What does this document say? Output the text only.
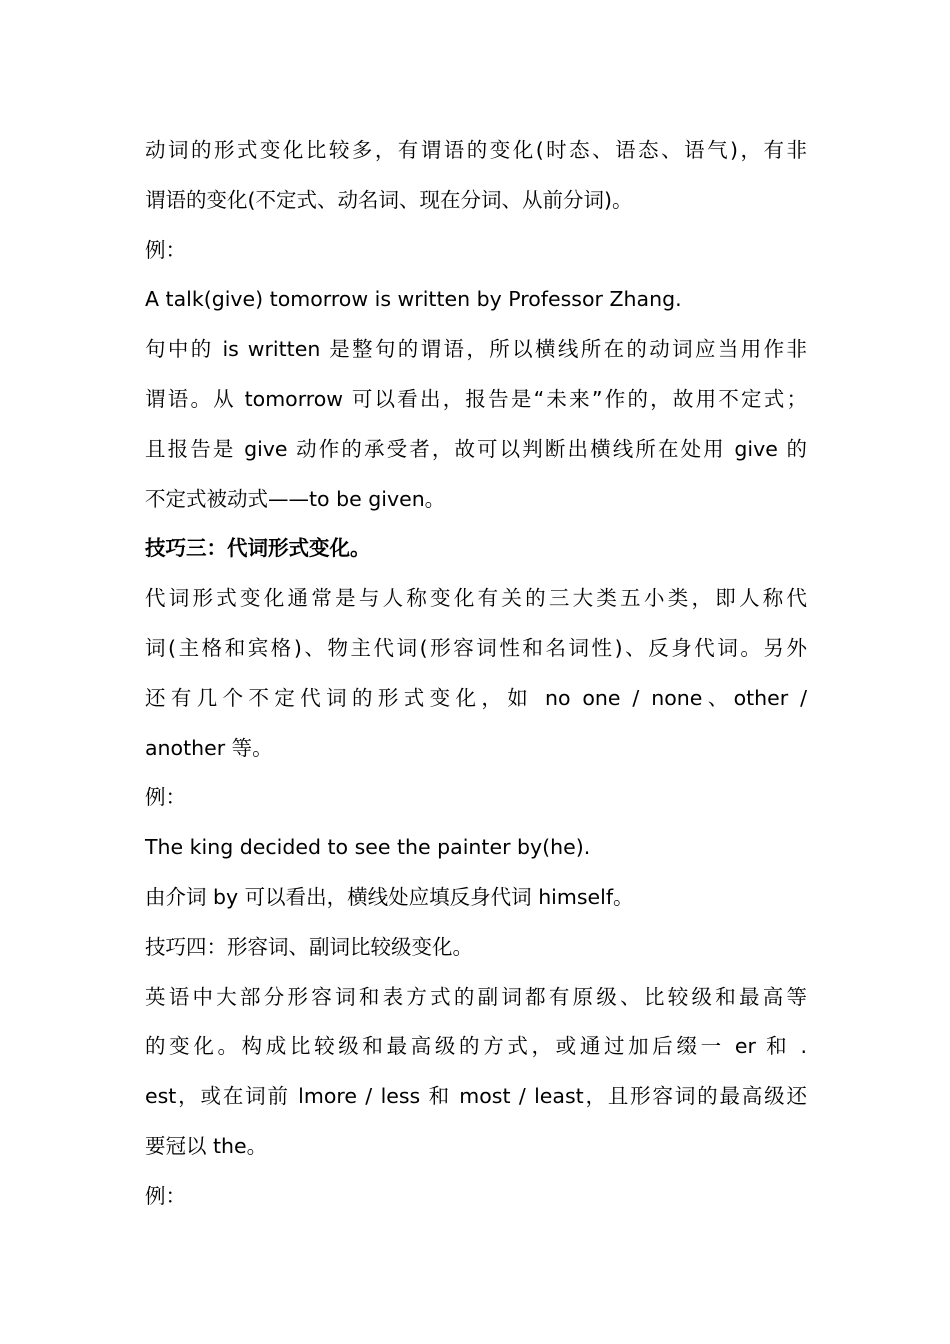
动词的形式变化比较多，有谓语的变化(时态、语态、语气)，有非
谓语的变化(不定式、动名词、现在分词、从前分词)。
例：
A talk(give) tomorrow is written by Professor Zhang.
句中的 is written 是整句的谓语，所以横线所在的动词应当用作非
谓语。从 tomorrow 可以看出，报告是“未来”作的，故用不定式；
且报告是 give 动作的承受者，故可以判断出横线所在处用 give 的
不定式被动式——to be given。
技巧三：代词形式变化。
代词形式变化通常是与人称变化有关的三大类五小类，即人称代
词(主格和宾格)、物主代词(形容词性和名词性)、反身代词。另外
还有几个不定代词的形式变化，如 no one / none、other /
another 等。
例：
The king decided to see the painter by(he).
由介词 by 可以看出，横线处应填反身代词 himself。
技巧四：形容词、副词比较级变化。
英语中大部分形容词和表方式的副词都有原级、比较级和最高等
的变化。构成比较级和最高级的方式，或通过加后缀一 er 和 .
est，或在词前 lmore / less 和 most / least，且形容词的最高级还
要冠以 the。
例：
